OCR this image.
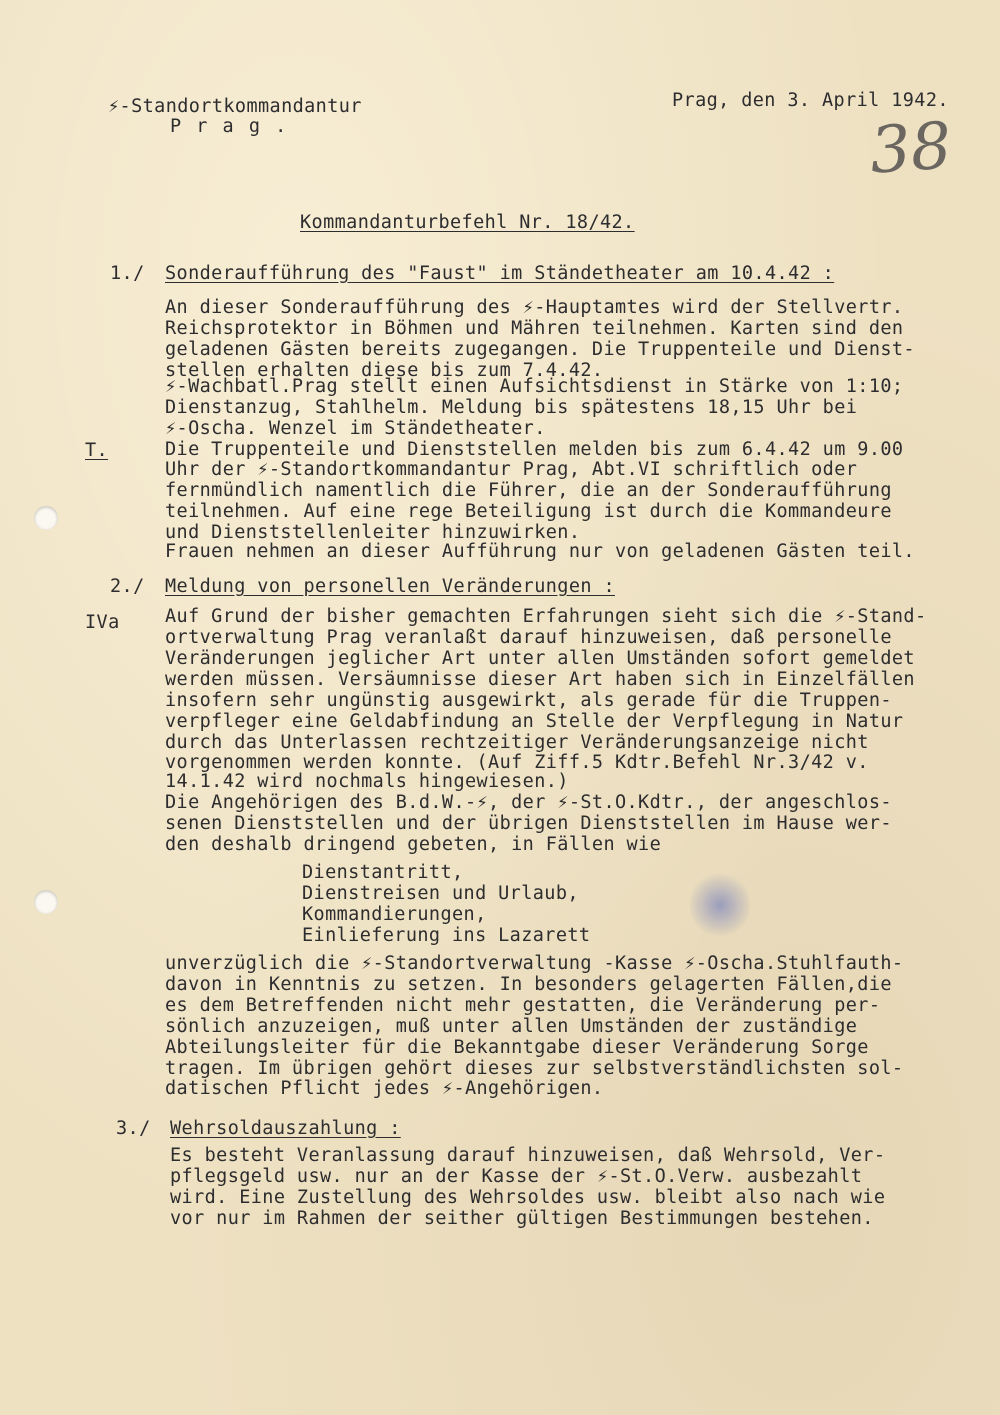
⚡-Standortkommandantur
P r a g .
Prag, den 3. April 1942.
38
Kommandanturbefehl Nr. 18/42.
1./ Sonderaufführung des "Faust" im Ständetheater am 10.4.42 :
T.
An dieser Sonderaufführung des ⚡-Hauptamtes wird der Stellvertr.
Reichsprotektor in Böhmen und Mähren teilnehmen. Karten sind den
geladenen Gästen bereits zugegangen. Die Truppenteile und Dienst-
stellen erhalten diese bis zum 7.4.42.
⚡-Wachbatl.Prag stellt einen Aufsichtsdienst in Stärke von 1:10;
Dienstanzug, Stahlhelm. Meldung bis spätestens 18,15 Uhr bei
⚡-Oscha. Wenzel im Ständetheater.
Die Truppenteile und Dienststellen melden bis zum 6.4.42 um 9.00
Uhr der ⚡-Standortkommandantur Prag, Abt.VI schriftlich oder
fernmündlich namentlich die Führer, die an der Sonderaufführung
teilnehmen. Auf eine rege Beteiligung ist durch die Kommandeure
und Dienststellenleiter hinzuwirken.
Frauen nehmen an dieser Aufführung nur von geladenen Gästen teil.
2./ Meldung von personellen Veränderungen :
IVa Auf Grund der bisher gemachten Erfahrungen sieht sich die ⚡-Stand-
ortverwaltung Prag veranlaßt darauf hinzuweisen, daß personelle
Veränderungen jeglicher Art unter allen Umständen sofort gemeldet
werden müssen. Versäumnisse dieser Art haben sich in Einzelfällen
insofern sehr ungünstig ausgewirkt, als gerade für die Truppen-
verpfleger eine Geldabfindung an Stelle der Verpflegung in Natur
durch das Unterlassen rechtzeitiger Veränderungsanzeige nicht
vorgenommen werden konnte. (Auf Ziff.5 Kdtr.Befehl Nr.3/42 v.
14.1.42 wird nochmals hingewiesen.)
Die Angehörigen des B.d.W.-⚡, der ⚡-St.O.Kdtr., der angeschlos-
senen Dienststellen und der übrigen Dienststellen im Hause wer-
den deshalb dringend gebeten, in Fällen wie
Dienstantritt,
Dienstreisen und Urlaub,
Kommandierungen,
Einlieferung ins Lazarett
unverzüglich die ⚡-Standortverwaltung -Kasse ⚡-Oscha.Stuhlfauth-
davon in Kenntnis zu setzen. In besonders gelagerten Fällen,die
es dem Betreffenden nicht mehr gestatten, die Veränderung per-
sönlich anzuzeigen, muß unter allen Umständen der zuständige
Abteilungsleiter für die Bekanntgabe dieser Veränderung Sorge
tragen. Im übrigen gehört dieses zur selbstverständlichsten sol-
datischen Pflicht jedes ⚡-Angehörigen.
3./ Wehrsoldauszahlung :
Es besteht Veranlassung darauf hinzuweisen, daß Wehrsold, Ver-
pflegsgeld usw. nur an der Kasse der ⚡-St.O.Verw. ausbezahlt
wird. Eine Zustellung des Wehrsoldes usw. bleibt also nach wie
vor nur im Rahmen der seither gültigen Bestimmungen bestehen.
